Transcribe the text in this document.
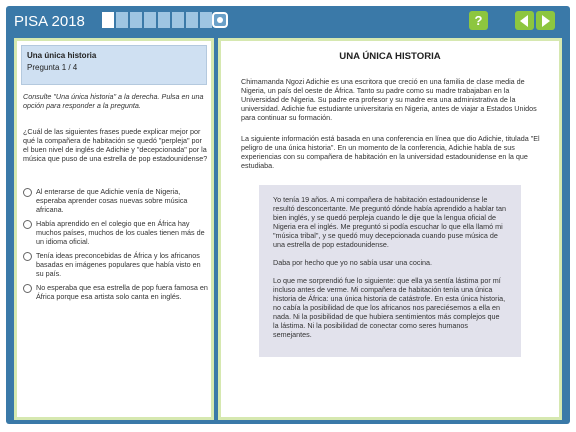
PISA 2018	?
Una única historia
Pregunta 1 / 4
Consulte "Una única historia" a la derecha. Pulsa en una opción para responder a la pregunta.
¿Cuál de las siguientes frases puede explicar mejor por qué la compañera de habitación se quedó "perpleja" por el buen nivel de inglés de Adichie y "decepcionada" por la música que puso de una estrella de pop estadounidense?
Al enterarse de que Adichie venía de Nigeria, esperaba aprender cosas nuevas sobre música africana.
Había aprendido en el colegio que en África hay muchos países, muchos de los cuales tienen más de un idioma oficial.
Tenía ideas preconcebidas de África y los africanos basadas en imágenes populares que había visto en su país.
No esperaba que esa estrella de pop fuera famosa en África porque esa artista solo canta en inglés.
UNA ÚNICA HISTORIA
Chimamanda Ngozi Adichie es una escritora que creció en una familia de clase media de Nigeria, un país del oeste de África. Tanto su padre como su madre trabajaban en la Universidad de Nigeria. Su padre era profesor y su madre era una administrativa de la universidad. Adichie fue estudiante universitaria en Nigeria, antes de viajar a Estados Unidos para continuar su formación.
La siguiente información está basada en una conferencia en línea que dio Adichie, titulada "El peligro de una única historia". En un momento de la conferencia, Adichie habla de sus experiencias con su compañera de habitación en la universidad estadounidense en la que estudiaba.

Yo tenía 19 años. A mi compañera de habitación estadounidense le resultó desconcertante. Me preguntó dónde había aprendido a hablar tan bien inglés, y se quedó perpleja cuando le dije que la lengua oficial de Nigeria era el inglés. Me preguntó si podía escuchar lo que ella llamó mi "música tribal", y se quedó muy decepcionada cuando puse música de una estrella de pop estadounidense.

Daba por hecho que yo no sabía usar una cocina.

Lo que me sorprendió fue lo siguiente: que ella ya sentía lástima por mí incluso antes de verme. Mi compañera de habitación tenía una única historia de África: una única historia de catástrofe. En esta única historia, no cabía la posibilidad de que los africanos nos pareciésemos a ella en nada. Ni la posibilidad de que hubiera sentimientos más complejos que la lástima. Ni la posibilidad de conectar como seres humanos semejantes.
